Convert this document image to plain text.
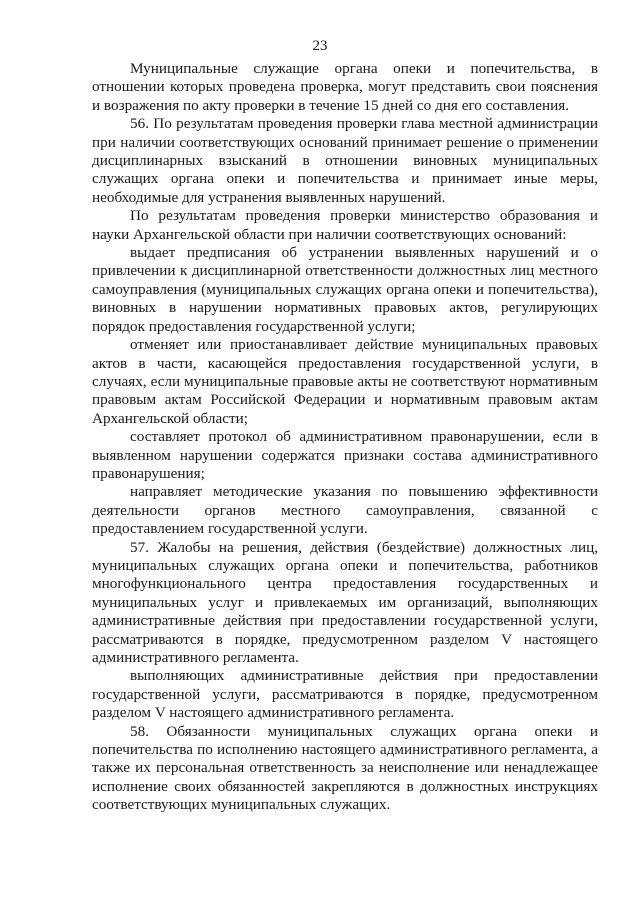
23

Муниципальные служащие органа опеки и попечительства, в отношении которых проведена проверка, могут представить свои пояснения и возражения по акту проверки в течение 15 дней со дня его составления.

56. По результатам проведения проверки глава местной администрации при наличии соответствующих оснований принимает решение о применении дисциплинарных взысканий в отношении виновных муниципальных служащих органа опеки и попечительства и принимает иные меры, необходимые для устранения выявленных нарушений.

По результатам проведения проверки министерство образования и науки Архангельской области при наличии соответствующих оснований:

выдает предписания об устранении выявленных нарушений и о привлечении к дисциплинарной ответственности должностных лиц местного самоуправления (муниципальных служащих органа опеки и попечительства), виновных в нарушении нормативных правовых актов, регулирующих порядок предоставления государственной услуги;

отменяет или приостанавливает действие муниципальных правовых актов в части, касающейся предоставления государственной услуги, в случаях, если муниципальные правовые акты не соответствуют нормативным правовым актам Российской Федерации и нормативным правовым актам Архангельской области;

составляет протокол об административном правонарушении, если в выявленном нарушении содержатся признаки состава административного правонарушения;

направляет методические указания по повышению эффективности деятельности органов местного самоуправления, связанной с предоставлением государственной услуги.

57. Жалобы на решения, действия (бездействие) должностных лиц, муниципальных служащих органа опеки и попечительства, работников многофункционального центра предоставления государственных и муниципальных услуг и привлекаемых им организаций, выполняющих административные действия при предоставлении государственной услуги, рассматриваются в порядке, предусмотренном разделом V настоящего административного регламента.

выполняющих административные действия при предоставлении государственной услуги, рассматриваются в порядке, предусмотренном разделом V настоящего административного регламента.

58. Обязанности муниципальных служащих органа опеки и попечительства по исполнению настоящего административного регламента, а также их персональная ответственность за неисполнение или ненадлежащее исполнение своих обязанностей закрепляются в должностных инструкциях соответствующих муниципальных служащих.
